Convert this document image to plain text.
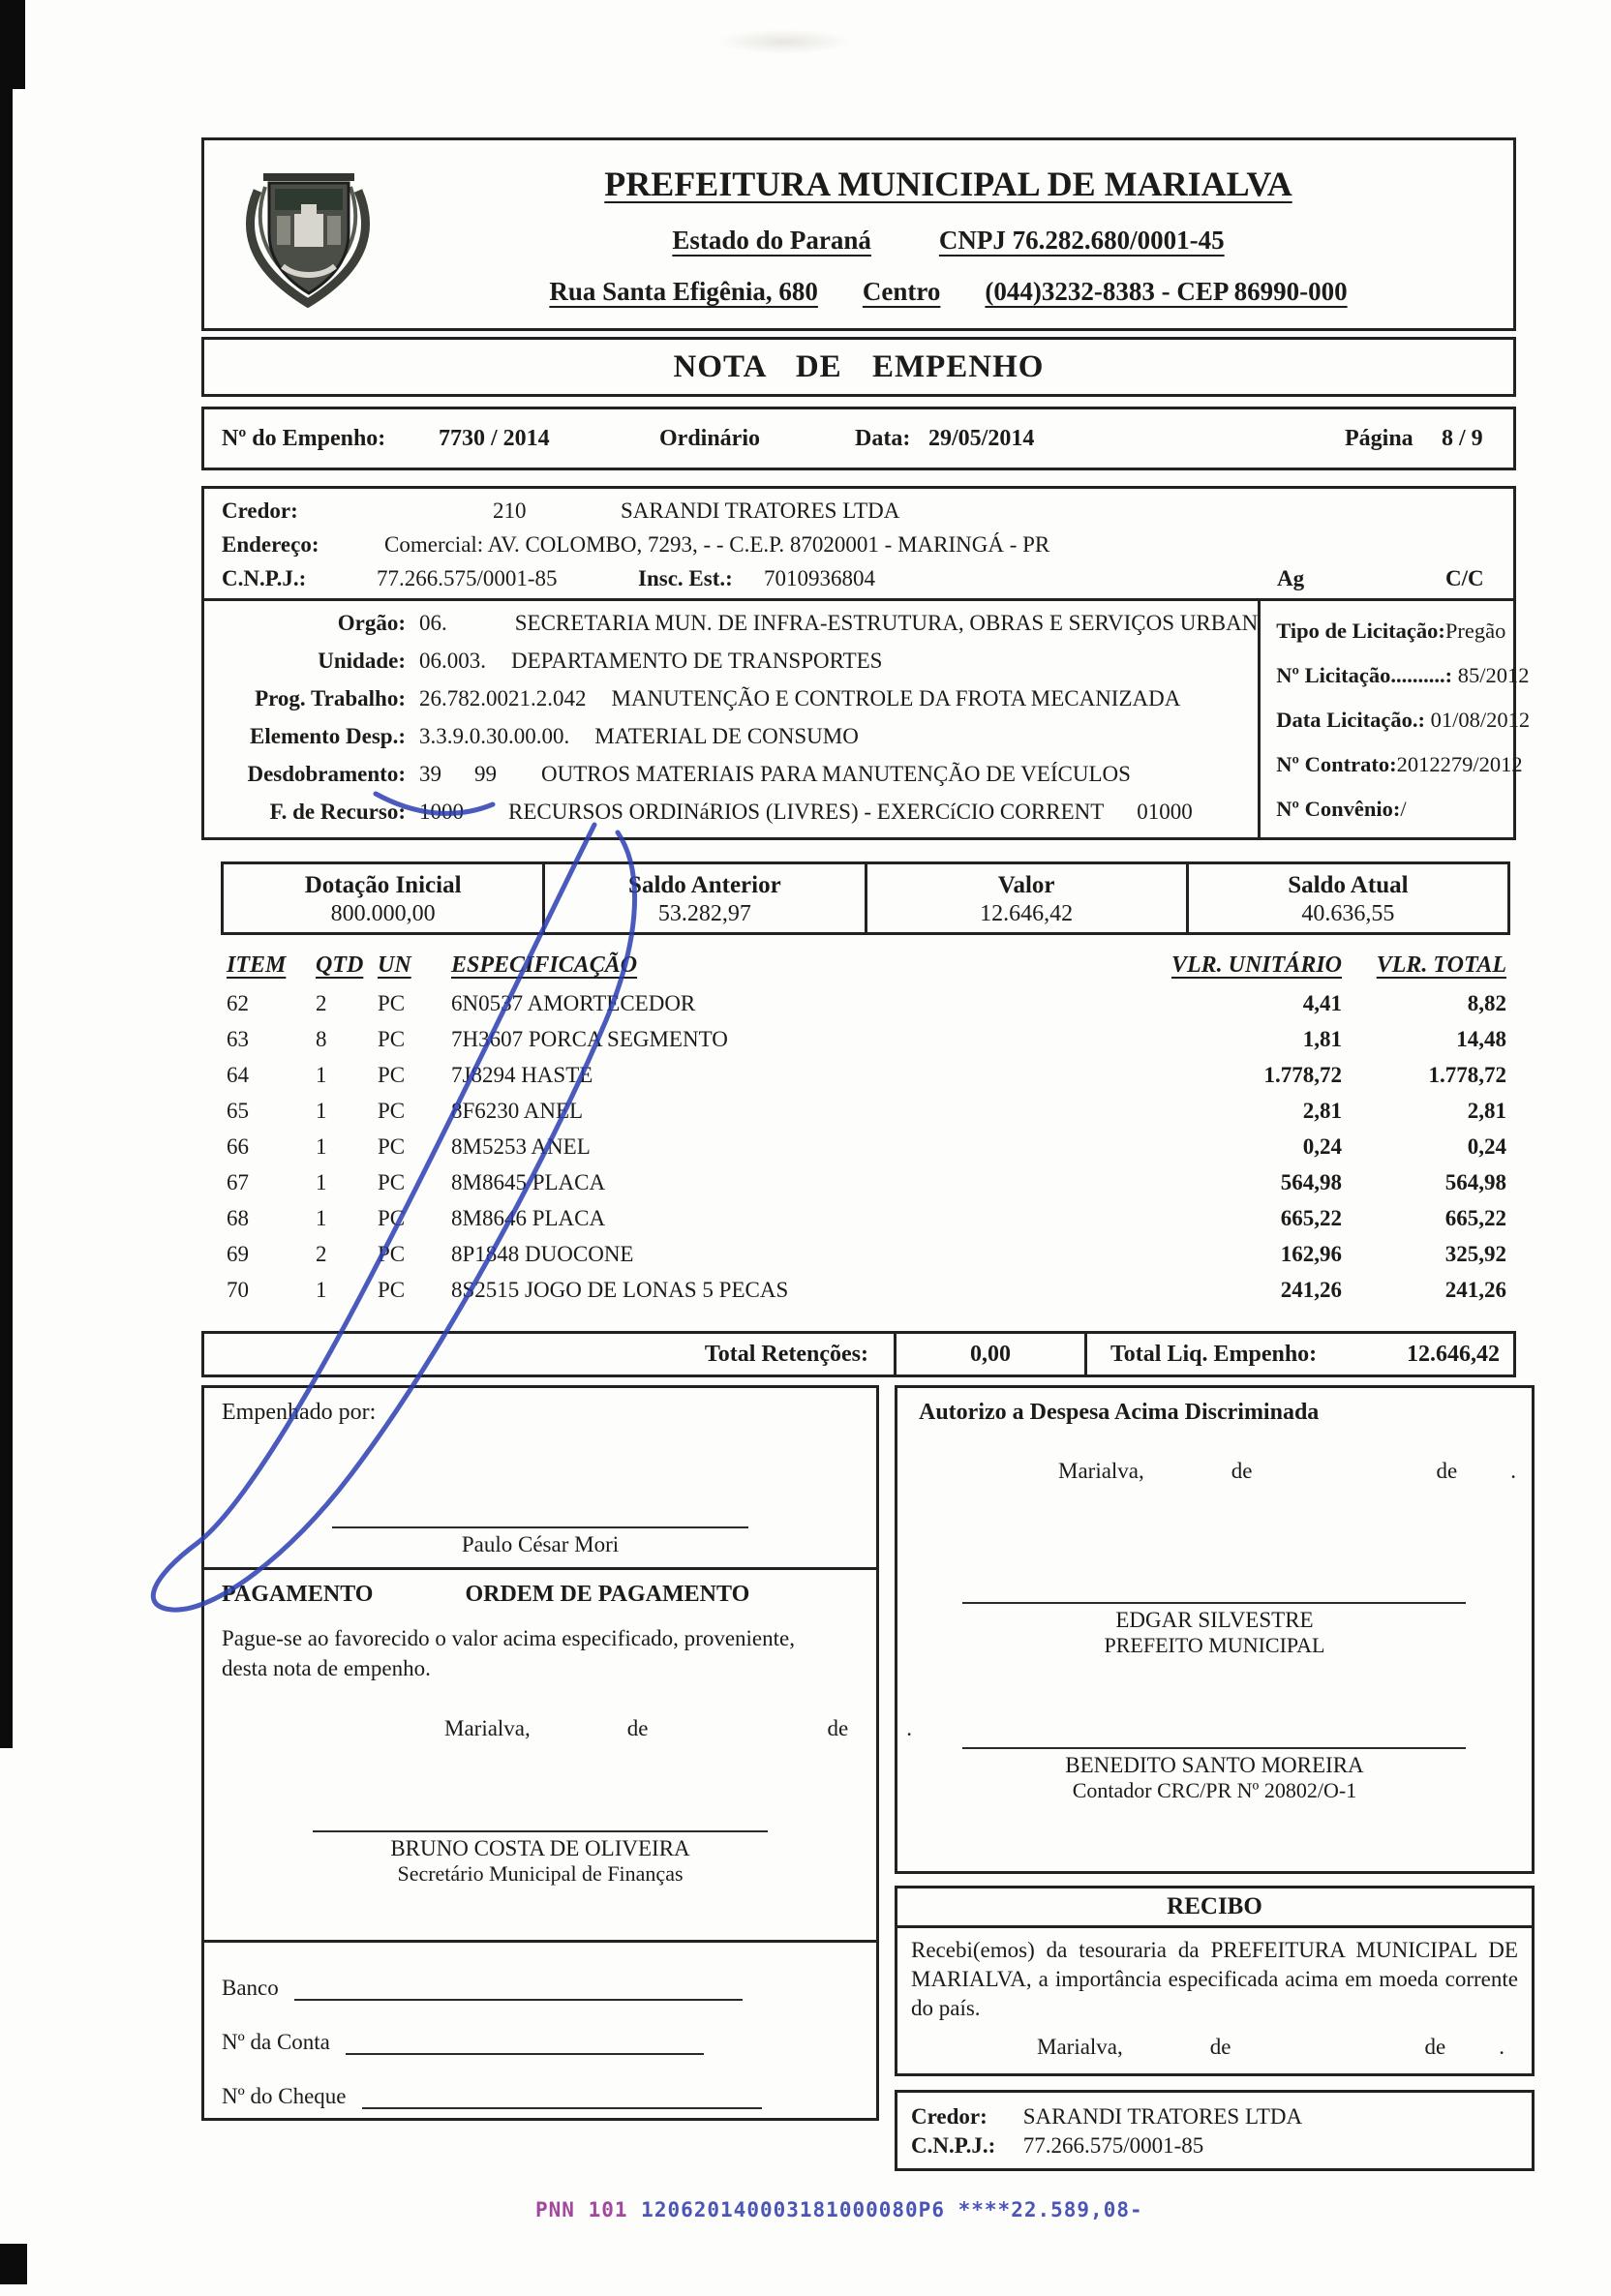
PREFEITURA MUNICIPAL DE MARIALVA
Estado do Paraná	CNPJ 76.282.680/0001-45
Rua Santa Efigênia, 680 Centro (044)3232-8383 - CEP 86990-000
NOTA DE EMPENHO
Nº do Empenho: 7730 / 2014	Ordinário	Data: 29/05/2014	Página 8 / 9
Credor:	210	SARANDI TRATORES LTDA
Endereço:	Comercial: AV. COLOMBO, 7293, - - C.E.P. 87020001 - MARINGÁ - PR
C.N.P.J.:	77.266.575/0001-85	Insc. Est.: 7010936804	Ag	C/C
Orgão: 06.	SECRETARIA MUN. DE INFRA-ESTRUTURA, OBRAS E SERVIÇOS URBAN
Unidade: 06.003. DEPARTAMENTO DE TRANSPORTES
Prog. Trabalho: 26.782.0021.2.042 MANUTENÇÃO E CONTROLE DA FROTA MECANIZADA
Elemento Desp.: 3.3.9.0.30.00.00. MATERIAL DE CONSUMO
Desdobramento: 39 99 OUTROS MATERIAIS PARA MANUTENÇÃO DE VEÍCULOS
F. de Recurso: 1000 RECURSOS ORDINáRIOS (LIVRES) - EXERCíCIO CORRENT 01000
Tipo de Licitação: Pregão
Nº Licitação..........:
85/2012
Data Licitação.:
01/08/2012
Nº Contrato: 2012279/2012
Nº Convênio: /
Dotação Inicial
800.000,00
Saldo Anterior
53.282,97
Valor
12.646,42
Saldo Atual
40.636,55
ITEM	QTD UN	ESPECIFICAÇÃO	VLR. UNITÁRIO	VLR. TOTAL
62	2	PC	6N0537 AMORTECEDOR	4,41	8,82
63	8	PC	7H3607 PORCA SEGMENTO	1,81	14,48
64	1	PC	7J8294 HASTE	1.778,72	1.778,72
65	1	PC	8F6230 ANEL	2,81	2,81
66	1	PC	8M5253 ANEL	0,24	0,24
67	1	PC	8M8645 PLACA	564,98	564,98
68	1	PC	8M8646 PLACA	665,22	665,22
69	2	PC	8P1848 DUOCONE	162,96	325,92
70	1	PC	8S2515 JOGO DE LONAS 5 PECAS	241,26	241,26
Total Retenções:	0,00	Total Liq. Empenho:	12.646,42
Empenhado por:
Paulo César Mori
PAGAMENTO	ORDEM DE PAGAMENTO
Pague-se ao favorecido o valor acima especificado, proveniente, desta nota de empenho.
Marialva,	de	de	.
BRUNO COSTA DE OLIVEIRA
Secretário Municipal de Finanças
Banco
Nº da Conta
Nº do Cheque
Autorizo a Despesa Acima Discriminada
Marialva,	de	de .
EDGAR SILVESTRE
PREFEITO MUNICIPAL
BENEDITO SANTO MOREIRA
Contador CRC/PR Nº 20802/O-1
RECIBO
Recebi(emos) da tesouraria da PREFEITURA MUNICIPAL DE MARIALVA, a importância especificada acima em moeda corrente do país.
Marialva,	de	de .
Credor: SARANDI TRATORES LTDA
C.N.P.J.: 77.266.575/0001-85
PNN 101 120620140003181000080P6 ****22.589,08-
